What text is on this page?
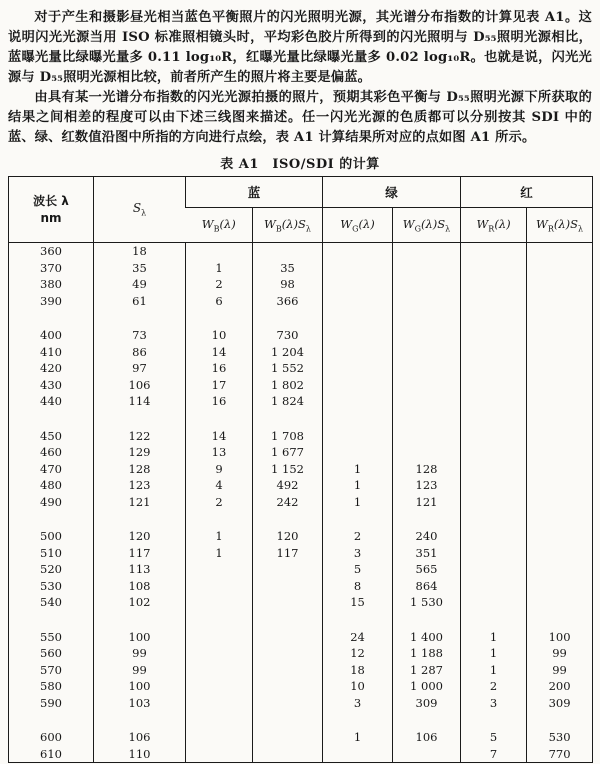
对于产生和摄影昼光相当蓝色平衡照片的闪光照明光源，其光谱分布指数的计算见表 A1。这说明闪光光源当用 ISO 标准照相镜头时，平均彩色胶片所得到的闪光照明与 D₅₅照明光源相比，蓝曝光量比绿曝光量多 0.11 log₁₀R，红曝光量比绿曝光量多 0.02 log₁₀R。也就是说，闪光光源与 D₅₅照明光源相比较，前者所产生的照片将主要是偏蓝。

由具有某一光谱分布指数的闪光光源拍摄的照片，预期其彩色平衡与 D₅₅照明光源下所获取的结果之间相差的程度可以由下述三线图来描述。任一闪光光源的色质都可以分别按其 SDI 中的蓝、绿、红数值沿图中所指的方向进行点绘，表 A1 计算结果所对应的点如图 A1 所示。

表 A1　ISO/SDI 的计算
波长 λ
nm	$S_\lambda$	蓝		绿		红	
		$W_B(\lambda)$	$W_B(\lambda)S_\lambda$	$W_G(\lambda)$	$W_G(\lambda)S_\lambda$	$W_R(\lambda)$	$W_R(\lambda)S_\lambda$
360	18						
370	35	1	35				
380	49	2	98				
390	61	6	366				

400	73	10	730				
410	86	14	1 204				
420	97	16	1 552				
430	106	17	1 802				
440	114	16	1 824				

450	122	14	1 708				
460	129	13	1 677				
470	128	9	1 152	1	128		
480	123	4	492	1	123		
490	121	2	242	1	121		

500	120	1	120	2	240		
510	117	1	117	3	351		
520	113			5	565		
530	108			8	864		
540	102			15	1 530		

550	100			24	1 400	1	100
560	99			12	1 188	1	99
570	99			18	1 287	1	99
580	100			10	1 000	2	200
590	103			3	309	3	309

600	106			1	106	5	530
610	110					7	770
